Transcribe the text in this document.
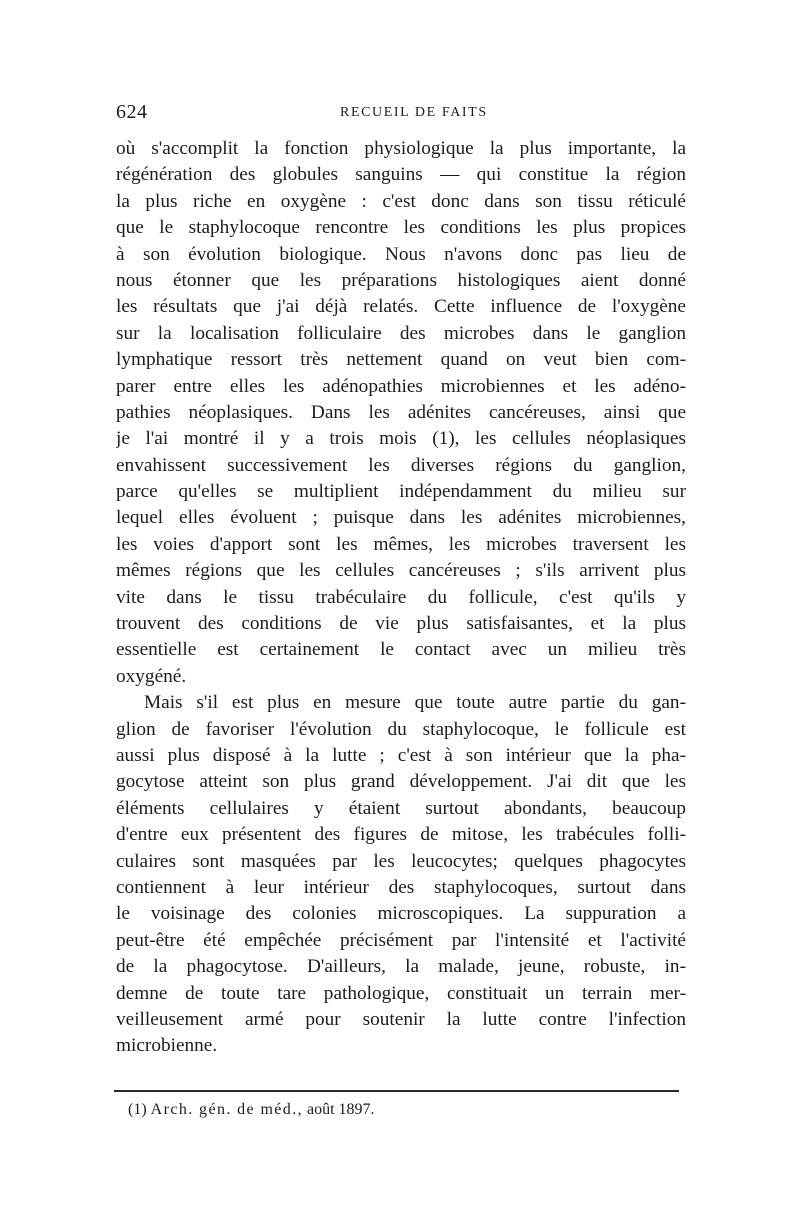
624	RECUEIL DE FAITS
où s'accomplit la fonction physiologique la plus importante, la
régénération des globules sanguins — qui constitue la région
la plus riche en oxygène : c'est donc dans son tissu réticulé
que le staphylocoque rencontre les conditions les plus propices
à son évolution biologique. Nous n'avons donc pas lieu de
nous étonner que les préparations histologiques aient donné
les résultats que j'ai déjà relatés. Cette influence de l'oxygène
sur la localisation folliculaire des microbes dans le ganglion
lymphatique ressort très nettement quand on veut bien com-
parer entre elles les adénopathies microbiennes et les adéno-
pathies néoplasiques. Dans les adénites cancéreuses, ainsi que
je l'ai montré il y a trois mois (1), les cellules néoplasiques
envahissent successivement les diverses régions du ganglion,
parce qu'elles se multiplient indépendamment du milieu sur
lequel elles évoluent ; puisque dans les adénites microbiennes,
les voies d'apport sont les mêmes, les microbes traversent les
mêmes régions que les cellules cancéreuses ; s'ils arrivent plus
vite dans le tissu trabéculaire du follicule, c'est qu'ils y
trouvent des conditions de vie plus satisfaisantes, et la plus
essentielle est certainement le contact avec un milieu très
oxygéné.
Mais s'il est plus en mesure que toute autre partie du gan-
glion de favoriser l'évolution du staphylocoque, le follicule est
aussi plus disposé à la lutte ; c'est à son intérieur que la pha-
gocytose atteint son plus grand développement. J'ai dit que les
éléments cellulaires y étaient surtout abondants, beaucoup
d'entre eux présentent des figures de mitose, les trabécules folli-
culaires sont masquées par les leucocytes; quelques phagocytes
contiennent à leur intérieur des staphylocoques, surtout dans
le voisinage des colonies microscopiques. La suppuration a
peut-être été empêchée précisément par l'intensité et l'activité
de la phagocytose. D'ailleurs, la malade, jeune, robuste, in-
demne de toute tare pathologique, constituait un terrain mer-
veilleusement armé pour soutenir la lutte contre l'infection
microbienne.
(1) Arch. gén. de méd., août 1897.
